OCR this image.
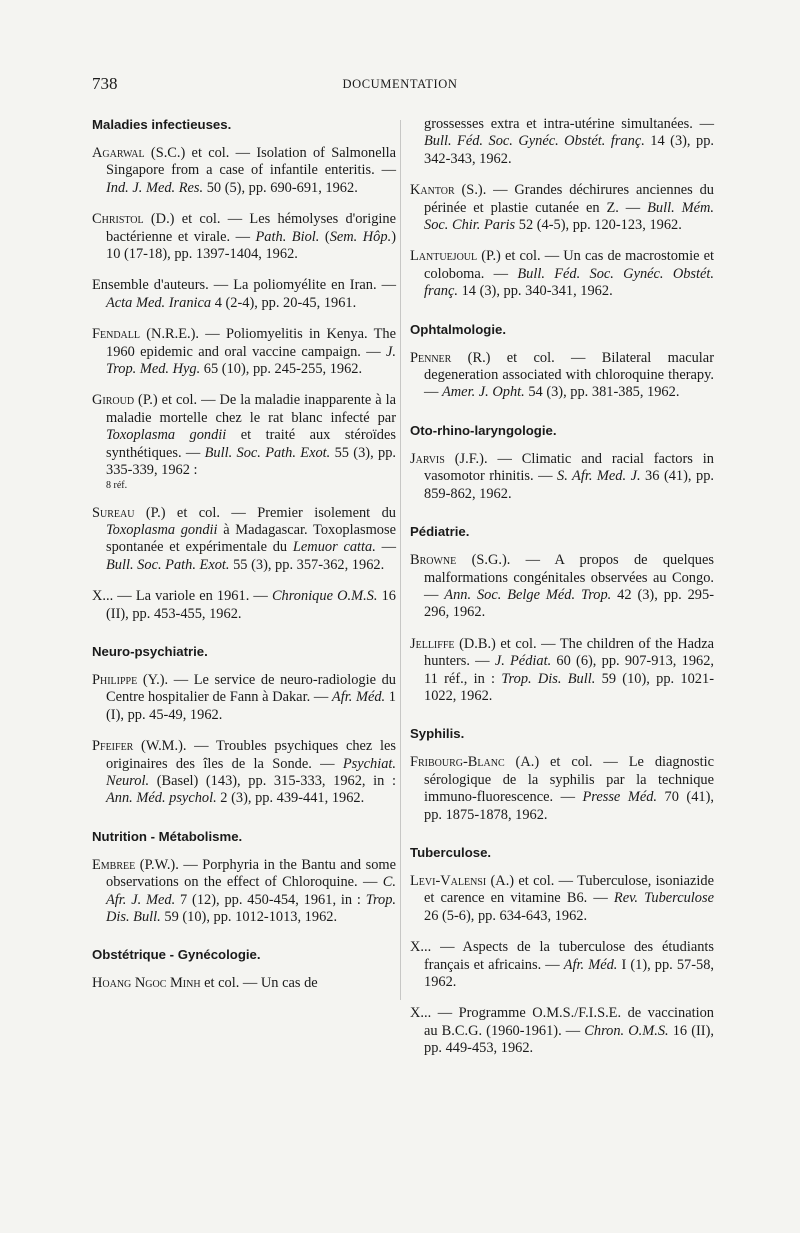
738	DOCUMENTATION
Maladies infectieuses.

Agarwal (S.C.) et col. — Isolation of Salmonella Singapore from a case of infantile enteritis. — Ind. J. Med. Res. 50 (5), pp. 690-691, 1962.

Christol (D.) et col. — Les hémolyses d'origine bactérienne et virale. — Path. Biol. (Sem. Hôp.) 10 (17-18), pp. 1397-1404, 1962.

Ensemble d'auteurs. — La poliomyélite en Iran. — Acta Med. Iranica 4 (2-4), pp. 20-45, 1961.

Fendall (N.R.E.). — Poliomyelitis in Kenya. The 1960 epidemic and oral vaccine campaign. — J. Trop. Med. Hyg. 65 (10), pp. 245-255, 1962.

Giroud (P.) et col. — De la maladie inapparente à la maladie mortelle chez le rat blanc infecté par Toxoplasma gondii et traité aux stéroïdes synthétiques. — Bull. Soc. Path. Exot. 55 (3), pp. 335-339, 1962 :
8 réf.

Sureau (P.) et col. — Premier isolement du Toxoplasma gondii à Madagascar. Toxoplasmose spontanée et expérimentale du Lemuor catta. — Bull. Soc. Path. Exot. 55 (3), pp. 357-362, 1962.

X... — La variole en 1961. — Chronique O.M.S. 16 (II), pp. 453-455, 1962.

Neuro-psychiatrie.

Philippe (Y.). — Le service de neuro-radiologie du Centre hospitalier de Fann à Dakar. — Afr. Méd. 1 (I), pp. 45-49, 1962.

Pfeifer (W.M.). — Troubles psychiques chez les originaires des îles de la Sonde. — Psychiat. Neurol. (Basel) (143), pp. 315-333, 1962, in : Ann. Méd. psychol. 2 (3), pp. 439-441, 1962.

Nutrition - Métabolisme.

Embree (P.W.). — Porphyria in the Bantu and some observations on the effect of Chloroquine. — C. Afr. J. Med. 7 (12), pp. 450-454, 1961, in : Trop. Dis. Bull. 59 (10), pp. 1012-1013, 1962.

Obstétrique - Gynécologie.

Hoang Ngoc Minh et col. — Un cas de

grossesses extra et intra-utérine simultanées. — Bull. Féd. Soc. Gynéc. Obstét. franç. 14 (3), pp. 342-343, 1962.

Kantor (S.). — Grandes déchirures anciennes du périnée et plastie cutanée en Z. — Bull. Mém. Soc. Chir. Paris 52 (4-5), pp. 120-123, 1962.

Lantuejoul (P.) et col. — Un cas de macrostomie et coloboma. — Bull. Féd. Soc. Gynéc. Obstét. franç. 14 (3), pp. 340-341, 1962.

Ophtalmologie.

Penner (R.) et col. — Bilateral macular degeneration associated with chloroquine therapy. — Amer. J. Opht. 54 (3), pp. 381-385, 1962.

Oto-rhino-laryngologie.

Jarvis (J.F.). — Climatic and racial factors in vasomotor rhinitis. — S. Afr. Med. J. 36 (41), pp. 859-862, 1962.

Pédiatrie.

Browne (S.G.). — A propos de quelques malformations congénitales observées au Congo. — Ann. Soc. Belge Méd. Trop. 42 (3), pp. 295-296, 1962.

Jelliffe (D.B.) et col. — The children of the Hadza hunters. — J. Pédiat. 60 (6), pp. 907-913, 1962, 11 réf., in : Trop. Dis. Bull. 59 (10), pp. 1021-1022, 1962.

Syphilis.

Fribourg-Blanc (A.) et col. — Le diagnostic sérologique de la syphilis par la technique immuno-fluorescence. — Presse Méd. 70 (41), pp. 1875-1878, 1962.

Tuberculose.

Levi-Valensi (A.) et col. — Tuberculose, isoniazide et carence en vitamine B6. — Rev. Tuberculose 26 (5-6), pp. 634-643, 1962.

X... — Aspects de la tuberculose des étudiants français et africains. — Afr. Méd. I (1), pp. 57-58, 1962.

X... — Programme O.M.S./F.I.S.E. de vaccination au B.C.G. (1960-1961). — Chron. O.M.S. 16 (II), pp. 449-453, 1962.
